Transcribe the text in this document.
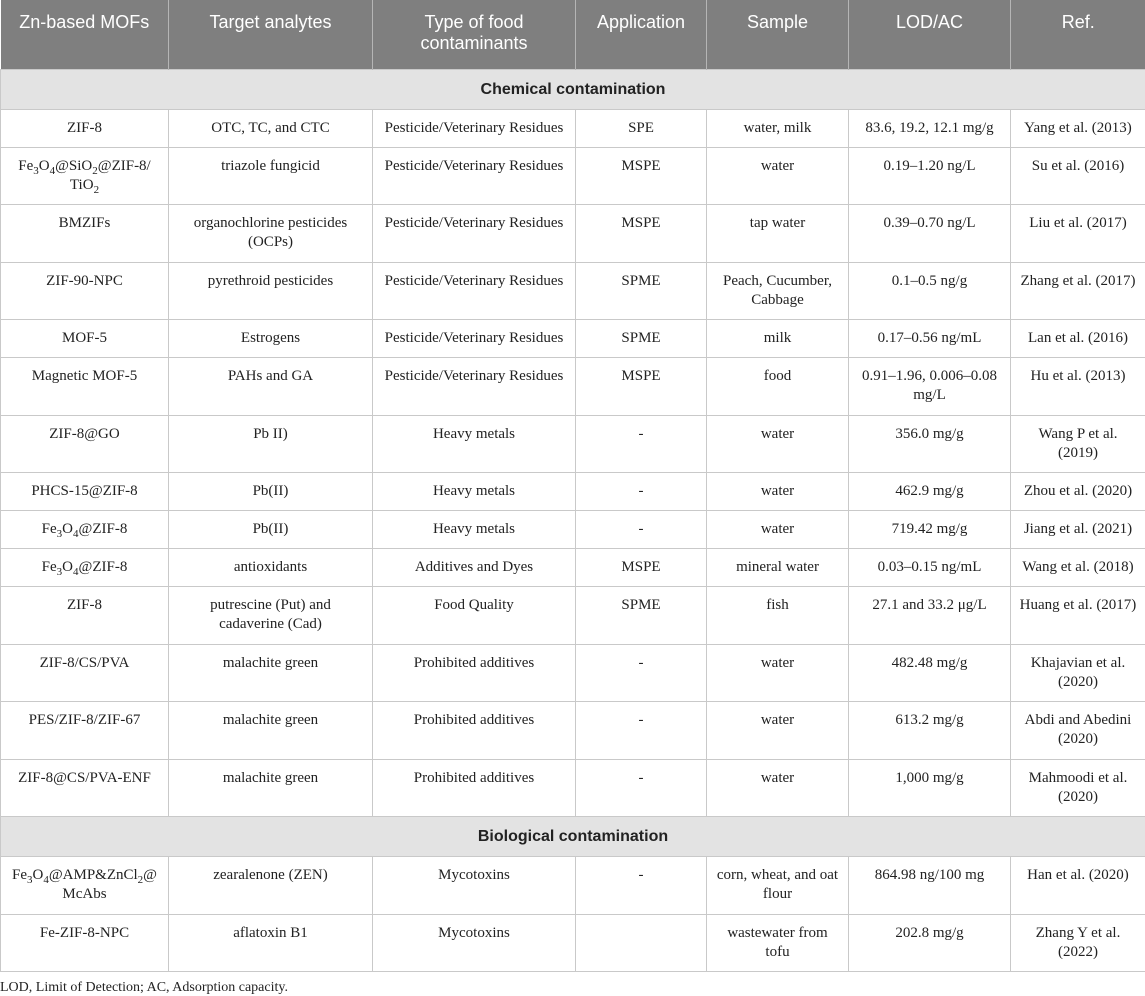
Zn-based MOFs	Target analytes	Type of food contaminants	Application	Sample	LOD/AC	Ref.
Chemical contamination						
ZIF-8	OTC, TC, and CTC	Pesticide/Veterinary Residues	SPE	water, milk	83.6, 19.2, 12.1 mg/g	Yang et al. (2013)
$Fe_3O_4@SiO_2@ZIF-8/$ TiO$_2$	triazole fungicid	Pesticide/Veterinary Residues	MSPE	water	0.19–1.20 ng/L	Su et al. (2016)
BMZIFs	organochlorine pesticides (OCPs)	Pesticide/Veterinary Residues	MSPE	tap water	0.39–0.70 ng/L	Liu et al. (2017)
ZIF-90-NPC	pyrethroid pesticides	Pesticide/Veterinary Residues	SPME	Peach, Cucumber, Cabbage	0.1–0.5 ng/g	Zhang et al. (2017)
MOF-5	Estrogens	Pesticide/Veterinary Residues	SPME	milk	0.17–0.56 ng/mL	Lan et al. (2016)
Magnetic MOF-5	PAHs and GA	Pesticide/Veterinary Residues	MSPE	food	0.91–1.96, 0.006–0.08 mg/L	Hu et al. (2013)
ZIF-8@GO	Pb II)	Heavy metals	-	water	356.0 mg/g	Wang P et al. (2019)
PHCS-15@ZIF-8	Pb(II)	Heavy metals	-	water	462.9 mg/g	Zhou et al. (2020)
$Fe_3O_4@ZIF-8$	Pb(II)	Heavy metals	-	water	719.42 mg/g	Jiang et al. (2021)
$Fe_3O_4@ZIF-8$	antioxidants	Additives and Dyes	MSPE	mineral water	0.03–0.15 ng/mL	Wang et al. (2018)
ZIF-8	putrescine (Put) and cadaverine (Cad)	Food Quality	SPME	fish	27.1 and 33.2 μg/L	Huang et al. (2017)
ZIF-8/CS/PVA	malachite green	Prohibited additives	-	water	482.48 mg/g	Khajavian et al. (2020)
PES/ZIF-8/ZIF-67	malachite green	Prohibited additives	-	water	613.2 mg/g	Abdi and Abedini (2020)
ZIF-8@CS/PVA-ENF	malachite green	Prohibited additives	-	water	1,000 mg/g	Mahmoodi et al. (2020)
Biological contamination						
$Fe_3O_4@AMP\&ZnCl_2@$ McAbs	zearalenone (ZEN)	Mycotoxins	-	corn, wheat, and oat flour	864.98 ng/100 mg	Han et al. (2020)
Fe-ZIF-8-NPC	aflatoxin B1	Mycotoxins		wastewater from tofu	202.8 mg/g	Zhang Y et al. (2022)
LOD, Limit of Detection; AC, Adsorption capacity.
